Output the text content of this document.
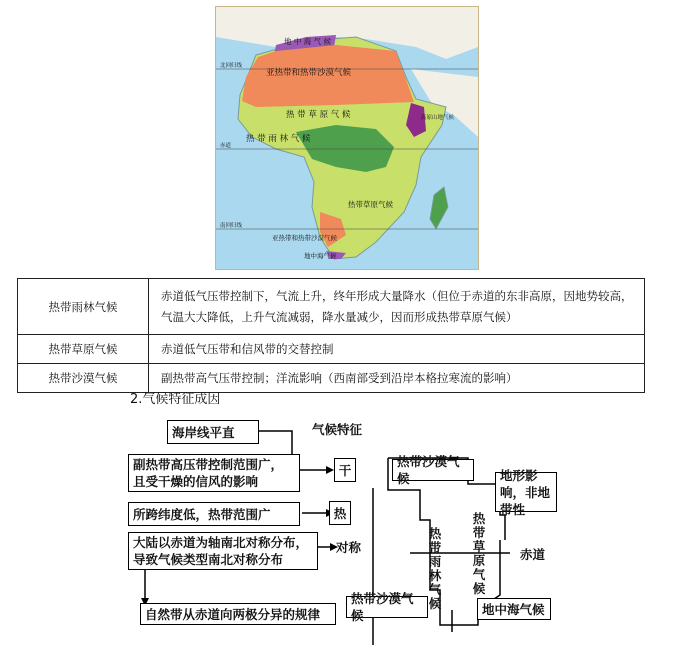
地 中 海 气 候
亚热带和热带沙漠气候
北回归线
热 带 草 原 气 候
热 带 雨 林 气 候
赤道
高原山地气候
热带草原气候
南回归线
亚热带和热带沙漠气候
地中海气候
热带雨林气候	赤道低气压带控制下，气流上升，终年形成大量降水（但位于赤道的东非高原，因地势较高，气温大大降低，上升气流减弱，降水量减少，因而形成热带草原气候）
热带草原气候	赤道低气压带和信风带的交替控制
热带沙漠气候	副热带高气压带控制；洋流影响（西南部受到沿岸本格拉寒流的影响）
2.气候特征成因
海岸线平直	气候特征
副热带高压带控制范围广，且受干燥的信风的影响
干
所跨纬度低，热带范围广	热
大陆以赤道为轴南北对称分布，导致气候类型南北对称分布
对称
自然带从赤道向两极分异的规律
热带沙漠气候	地形影响，非地带性
热带雨林气候
热带草原气候
赤道
热带沙漠气候	地中海气候
